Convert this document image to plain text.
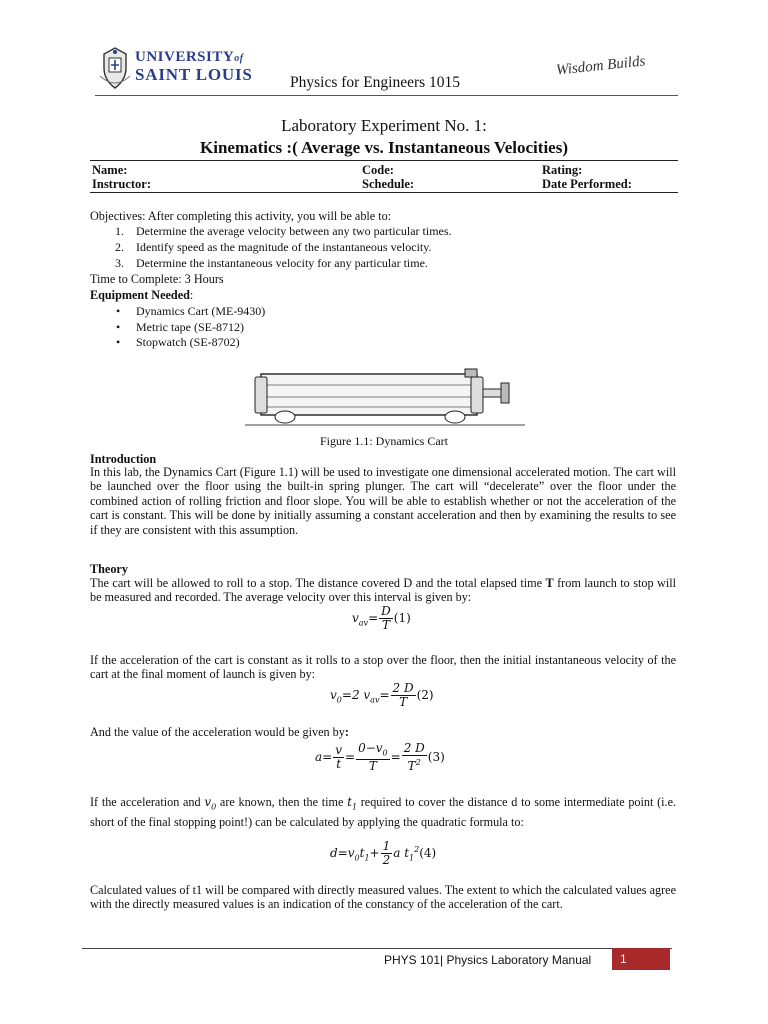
UNIVERSITYof
SAINT LOUIS Physics for Engineers 1015
Wisdom Builds
Laboratory Experiment No. 1:
Kinematics :( Average vs. Instantaneous Velocities)
Name:	Code:	Rating:
Instructor:	Schedule:	Date Performed:
Objectives: After completing this activity, you will be able to:
1. Determine the average velocity between any two particular times.
2. Identify speed as the magnitude of the instantaneous velocity.
3. Determine the instantaneous velocity for any particular time.
Time to Complete: 3 Hours
Equipment Needed:
• Dynamics Cart (ME-9430)
• Metric tape (SE-8712)
• Stopwatch (SE-8702)
Figure 1.1: Dynamics Cart
Introduction
In this lab, the Dynamics Cart (Figure 1.1) will be used to investigate one dimensional accelerated motion. The cart will be launched over the floor using the built-in spring plunger. The cart will “decelerate” over the floor under the combined action of rolling friction and floor slope. You will be able to establish whether or not the acceleration of the cart is constant. This will be done by initially assuming a constant acceleration and then by examining the results to see if they are consistent with this assumption.
Theory
The cart will be allowed to roll to a stop. The distance covered D and the total elapsed time T from launch to stop will be measured and recorded. The average velocity over this interval is given by:
$v_{av}= \frac{D}{T} (1)$
If the acceleration of the cart is constant as it rolls to a stop over the floor, then the initial instantaneous velocity of the cart at the final moment of launch is given by:
$v_0=2$ $v_{av}= \frac{2 D}{T} (2)$
And the value of the acceleration would be given by:
$a= \frac{v}{t} = \frac{0-v_0}{T} = \frac{2 D}{T^2} (3)$
If the acceleration and $v_0$ are known, then the time $t_1$ required to cover the distance d to some intermediate point (i.e. short of the final stopping point!) can be calculated by applying the quadratic formula to:
$d=v_0t_1+ \frac{1}{2}$ a $t_1^2(4)$
Calculated values of t1 will be compared with directly measured values. The extent to which the calculated values agree with the directly measured values is an indication of the constancy of the acceleration of the cart.
PHYS 101| Physics Laboratory Manual 1
